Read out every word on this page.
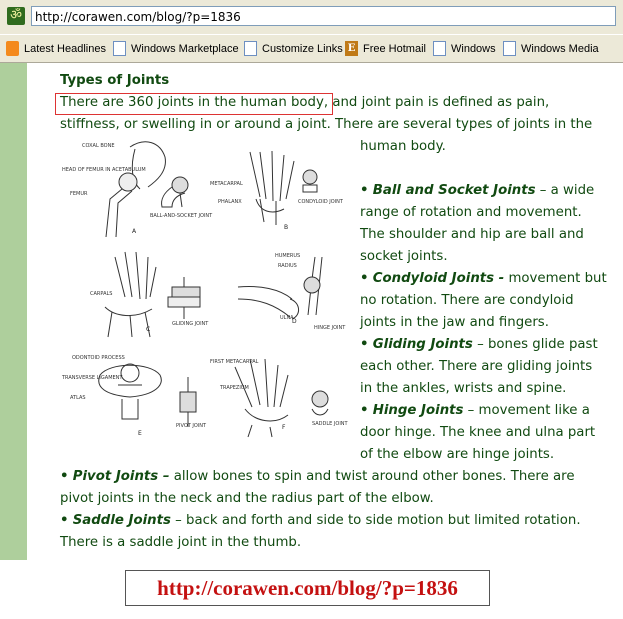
ॐ	http://corawen.com/blog/?p=1836
Latest Headlines	Windows Marketplace	Customize Links E Free Hotmail	Windows	Windows Media
Types of Joints
There are 360 joints in the human body, and joint pain is defined as pain,
stiffness, or swelling in or around a joint. There are several types of joints in the
human body.
• Ball and Socket Joints – a wide
range of rotation and movement.
The shoulder and hip are ball and
socket joints.
• Condyloid Joints - movement but
no rotation. There are condyloid
joints in the jaw and fingers.
• Gliding Joints – bones glide past
each other. There are gliding joints
in the ankles, wrists and spine.
• Hinge Joints – movement like a
door hinge. The knee and ulna part
of the elbow are hinge joints.
• Pivot Joints – allow bones to spin and twist around other bones. There are
pivot joints in the neck and the radius part of the elbow.
• Saddle Joints – back and forth and side to side motion but limited rotation.
There is a saddle joint in the thumb.
COXAL BONE
HEAD OF FEMUR IN ACETABULUM
FEMUR
BALL-AND-SOCKET JOINT
A
METACARPAL
PHALANX	CONDYLOID JOINT
B
CARPALS
GLIDING JOINT
C
HUMERUS
RADIUS
ULNA
HINGE JOINT
D
ODONTOID PROCESS
TRANSVERSE LIGAMENT
ATLAS
PIVOT JOINT
E
FIRST METACARPAL
TRAPEZIUM
SADDLE JOINT
F
http://corawen.com/blog/?p=1836
